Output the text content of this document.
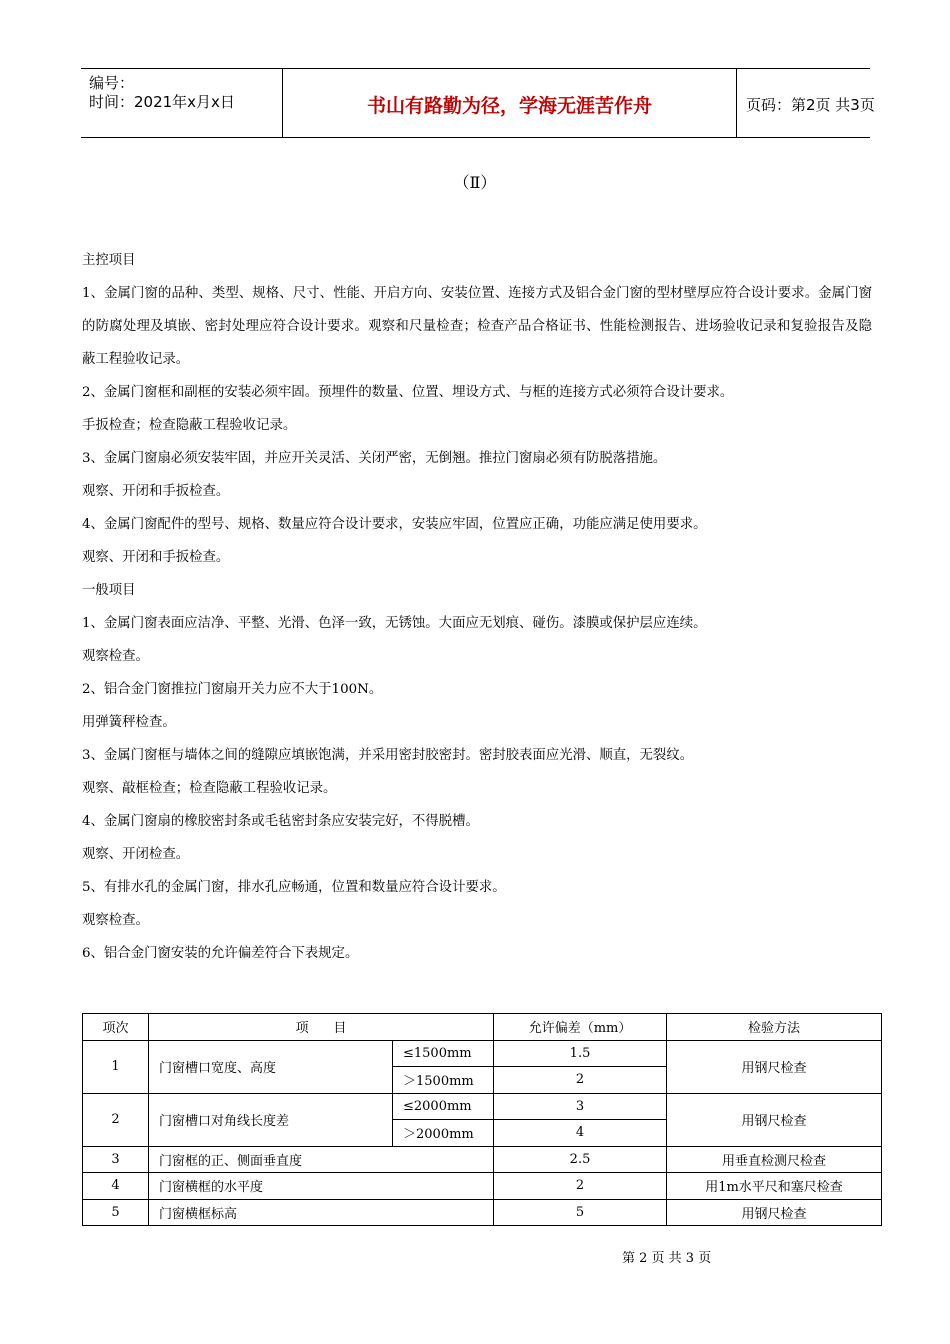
编号：
时间：2021年x月x日	书山有路勤为径，学海无涯苦作舟	页码：第2页 共3页
（Ⅱ）

主控项目

1、金属门窗的品种、类型、规格、尺寸、性能、开启方向、安装位置、连接方式及铝合金门窗的型材壁厚应符合设计要求。金属门窗的防腐处理及填嵌、密封处理应符合设计要求。观察和尺量检查；检查产品合格证书、性能检测报告、进场验收记录和复验报告及隐蔽工程验收记录。

2、金属门窗框和副框的安装必须牢固。预埋件的数量、位置、埋设方式、与框的连接方式必须符合设计要求。

手扳检查；检查隐蔽工程验收记录。

3、金属门窗扇必须安装牢固，并应开关灵活、关闭严密，无倒翘。推拉门窗扇必须有防脱落措施。

观察、开闭和手扳检查。

4、金属门窗配件的型号、规格、数量应符合设计要求，安装应牢固，位置应正确，功能应满足使用要求。

观察、开闭和手扳检查。

一般项目

1、金属门窗表面应洁净、平整、光滑、色泽一致，无锈蚀。大面应无划痕、碰伤。漆膜或保护层应连续。

观察检查。

2、铝合金门窗推拉门窗扇开关力应不大于100N。

用弹簧秤检查。

3、金属门窗框与墙体之间的缝隙应填嵌饱满，并采用密封胶密封。密封胶表面应光滑、顺直，无裂纹。

观察、敲框检查；检查隐蔽工程验收记录。

4、金属门窗扇的橡胶密封条或毛毡密封条应安装完好，不得脱槽。

观察、开闭检查。

5、有排水孔的金属门窗，排水孔应畅通，位置和数量应符合设计要求。

观察检查。

6、铝合金门窗安装的允许偏差符合下表规定。

项次	项      目		允许偏差（mm）	检验方法
1	门窗槽口宽度、高度	≤1500mm	1.5	用钢尺检查
		＞1500mm	2	
2	门窗槽口对角线长度差	≤2000mm	3	用钢尺检查
		＞2000mm	4	
3	门窗框的正、侧面垂直度		2.5	用垂直检测尺检查
4	门窗横框的水平度		2	用1m水平尺和塞尺检查
5	门窗横框标高		5	用钢尺检查
第 2 页 共 3 页
